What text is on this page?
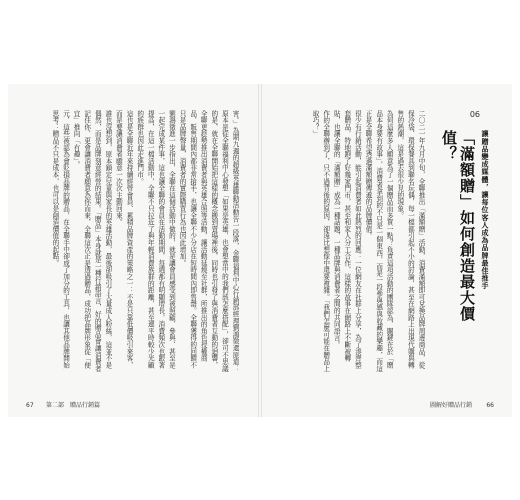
害。」為期九週的超級英雄聯動活動告一段落，金聯福利中心行銷部經理劉鴻徵還原道：原本是從全聯福利中心發想「如果是英雄，也會想當中的我們該怎麼搭配」，卻可不思議的是，就在全聯開始把這樣的概念搬到賣場裡後，同時也引發了與消費者互動的迴響，全聯更趁勢推出消費者與英雄合照等活動，讓活動延燒至社群，所推出的角色授權商品，販售期間內都非常搶手，也讓全聯不少分店在短時間內即售罄。全聯獲得的回饋不只是品牌聲量，消費者的實際購買行為也因此增加。
劉鴻徵進一步指出，全聯在這個活動中做的，就是讓會員感受到被照顧、參與、甚至是一起完成某件事，這也讓全聯的會員在活動期間，每週都有明顯增長，消費頻次也跟著提高，在這一檔活動中，全聯不只拉近了與年輕消費族群的距離，甚至連平時較少光顧的族群也因此走進門市。
這也是全聯近年來持續經營會員、累積品牌資產的策略之一：不是只靠低價吸引來客，而是要讓消費者願意一次次主動回來。
誰也沒想到，原本鎖定兒童與家長的英雄活動，最後卻吸引了大量成人粉絲，這並不是偶然，而是品牌刻意經營的結果。「贈品」本身就是一種行銷語言，好的贈品會讓消費者記住你，更會讓消費者願意為你而來，全聯這次正是透過贈品，成功把品牌形象從「便宜」推向「有趣」。
元，這些被認為會貶損品牌的贈品，在全聯手中卻成了加分的工具，也讓其他品牌開始思考：贈品不只是成本，也可以是創造價值的起點。
67 第二部　贈品行銷篇
06
「滿額贈」如何創造最大價值？	讓贈品變成媒體，讓每位客人成為品牌最佳推手
二〇二一年九月中旬，全聯推出「滿額贈」活動，消費滿額即可兌換品牌周邊商品，從保冷袋、環保餐具到聯名玩偶，每一檔都引起不小的討論，甚至在網路上出現代購與轉售的熱潮，這是過去很少見的現象。
為何這麼多人願意為了一個贈品而多買一點？負責這項活動的團隊認為，關鍵在於「贈品本身要有故事」，消費者拿到的不只是一個東西，而是一段參與感與收藏的樂趣，而這正是全聯希望透過滿額贈傳遞的品牌價值。
很少有行銷活動，能引起消費者如此熱烈的回應：一位網友在社群上分享，為了湊齊整套贈品，特地跑了好幾家門市，甚至和家人分工合作，這樣的故事在網路上不斷被轉貼，也讓全聯的「滿額贈」成為一種話題，一種品牌與消費者之間的共同語言。
作的全聯辦到了，只不過背後的原因，卻遠比想像中還要複雜。「我們怎麼可能在贈品上取巧？」
圖解好贈品行銷 66
